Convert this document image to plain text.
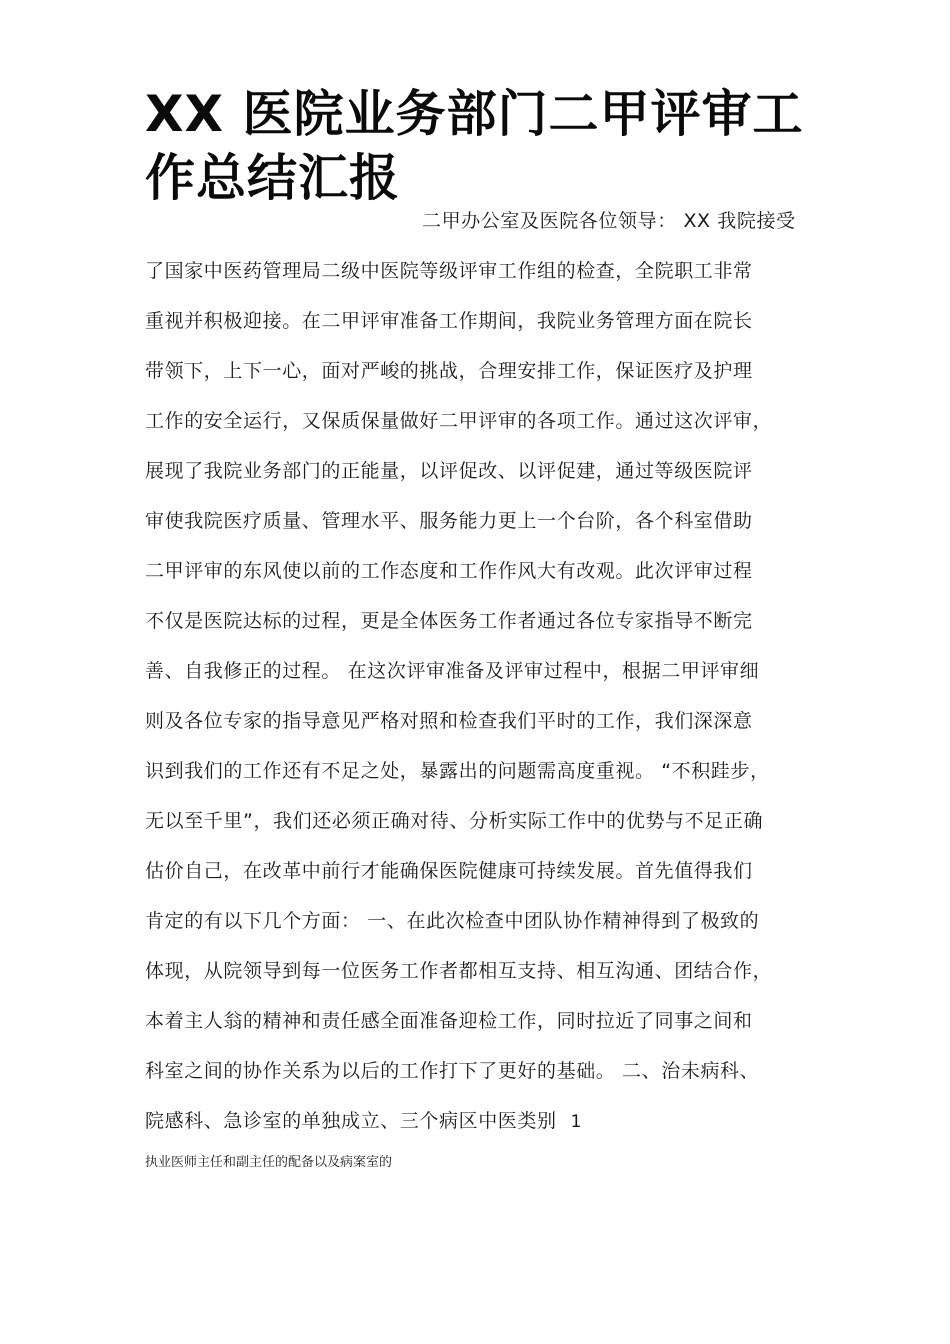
XX 医院业务部门二甲评审工作总结汇报
二甲办公室及医院各位领导： XX 我院接受
了国家中医药管理局二级中医院等级评审工作组的检查，全院职工非常
重视并积极迎接。在二甲评审准备工作期间，我院业务管理方面在院长
带领下，上下一心，面对严峻的挑战，合理安排工作，保证医疗及护理
工作的安全运行，又保质保量做好二甲评审的各项工作。通过这次评审，
展现了我院业务部门的正能量，以评促改、以评促建，通过等级医院评
审使我院医疗质量、管理水平、服务能力更上一个台阶，各个科室借助
二甲评审的东风使以前的工作态度和工作作风大有改观。此次评审过程
不仅是医院达标的过程，更是全体医务工作者通过各位专家指导不断完
善、自我修正的过程。 在这次评审准备及评审过程中，根据二甲评审细
则及各位专家的指导意见严格对照和检查我们平时的工作，我们深深意
识到我们的工作还有不足之处，暴露出的问题需高度重视。 “不积跬步，
无以至千里”，我们还必须正确对待、分析实际工作中的优势与不足正确
估价自己，在改革中前行才能确保医院健康可持续发展。首先值得我们
肯定的有以下几个方面： 一、在此次检查中团队协作精神得到了极致的
体现，从院领导到每一位医务工作者都相互支持、相互沟通、团结合作，
本着主人翁的精神和责任感全面准备迎检工作，同时拉近了同事之间和
科室之间的协作关系为以后的工作打下了更好的基础。 二、治未病科、
院感科、急诊室的单独成立、三个病区中医类别 1
执业医师主任和副主任的配备以及病案室的
